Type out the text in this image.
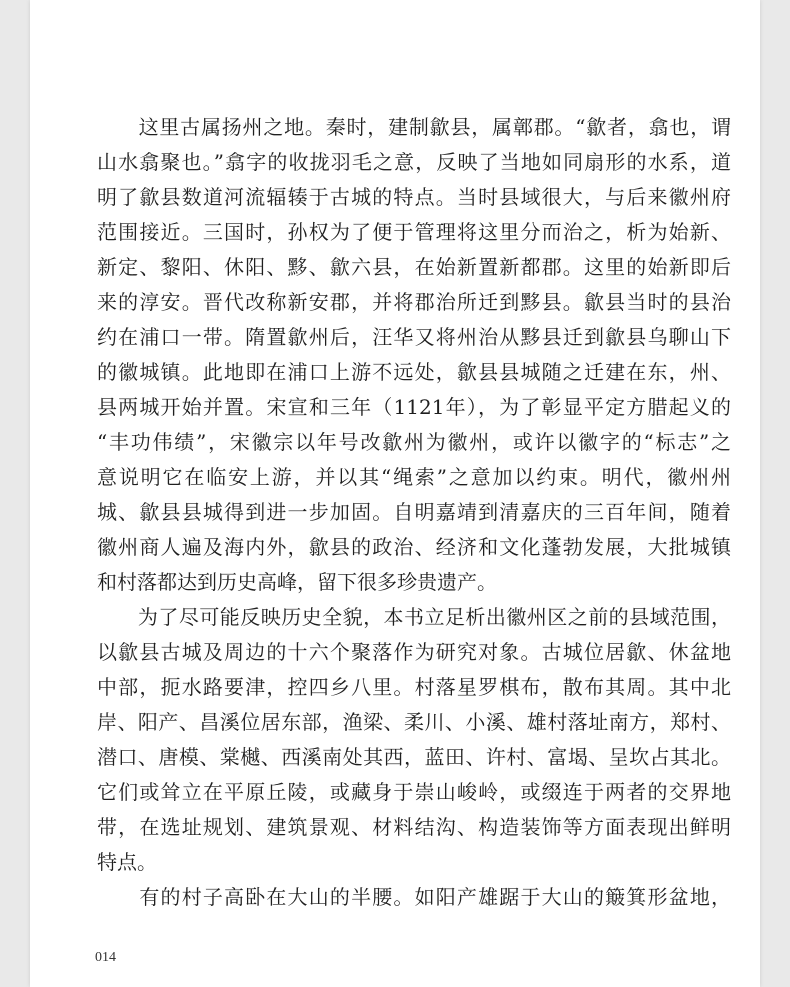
　　这里古属扬州之地。秦时，建制歙县，属鄣郡。“歙者，翕也，谓
山水翕聚也。”翕字的收拢羽毛之意，反映了当地如同扇形的水系，道
明了歙县数道河流辐辏于古城的特点。当时县域很大，与后来徽州府
范围接近。三国时，孙权为了便于管理将这里分而治之，析为始新、
新定、黎阳、休阳、黟、歙六县，在始新置新都郡。这里的始新即后
来的淳安。晋代改称新安郡，并将郡治所迁到黟县。歙县当时的县治
约在浦口一带。隋置歙州后，汪华又将州治从黟县迁到歙县乌聊山下
的徽城镇。此地即在浦口上游不远处，歙县县城随之迁建在东，州、
县两城开始并置。宋宣和三年（1121年），为了彰显平定方腊起义的
“丰功伟绩”，宋徽宗以年号改歙州为徽州，或许以徽字的“标志”之
意说明它在临安上游，并以其“绳索”之意加以约束。明代，徽州州
城、歙县县城得到进一步加固。自明嘉靖到清嘉庆的三百年间，随着
徽州商人遍及海内外，歙县的政治、经济和文化蓬勃发展，大批城镇
和村落都达到历史高峰，留下很多珍贵遗产。

　　为了尽可能反映历史全貌，本书立足析出徽州区之前的县域范围，
以歙县古城及周边的十六个聚落作为研究对象。古城位居歙、休盆地
中部，扼水路要津，控四乡八里。村落星罗棋布，散布其周。其中北
岸、阳产、昌溪位居东部，渔梁、柔川、小溪、雄村落址南方，郑村、
潜口、唐模、棠樾、西溪南处其西，蓝田、许村、富堨、呈坎占其北。
它们或耸立在平原丘陵，或藏身于崇山峻岭，或缀连于两者的交界地
带，在选址规划、建筑景观、材料结沟、构造装饰等方面表现出鲜明
特点。

　　有的村子高卧在大山的半腰。如阳产雄踞于大山的簸箕形盆地，

014
